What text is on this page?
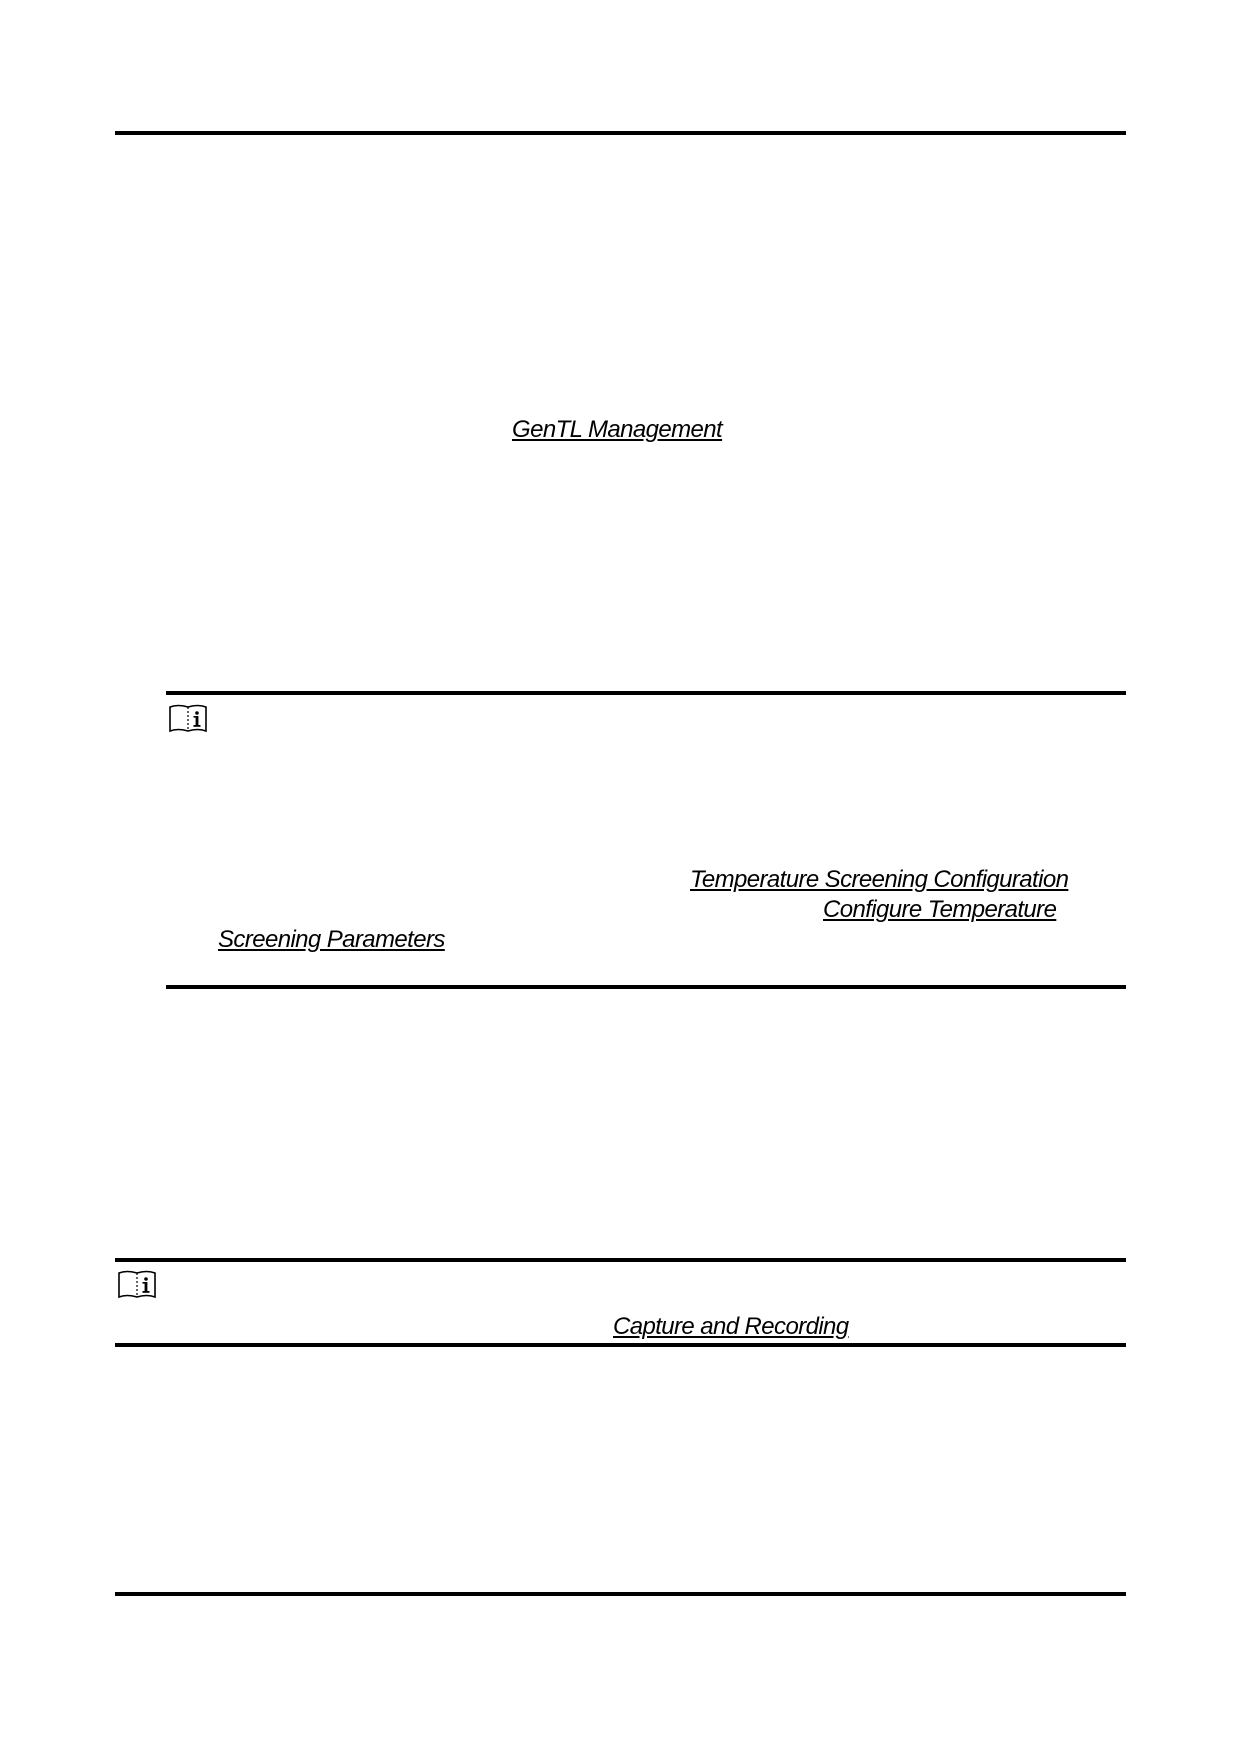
GenTL Management
Temperature Screening Configuration
Configure Temperature
Screening Parameters
Capture and Recording
